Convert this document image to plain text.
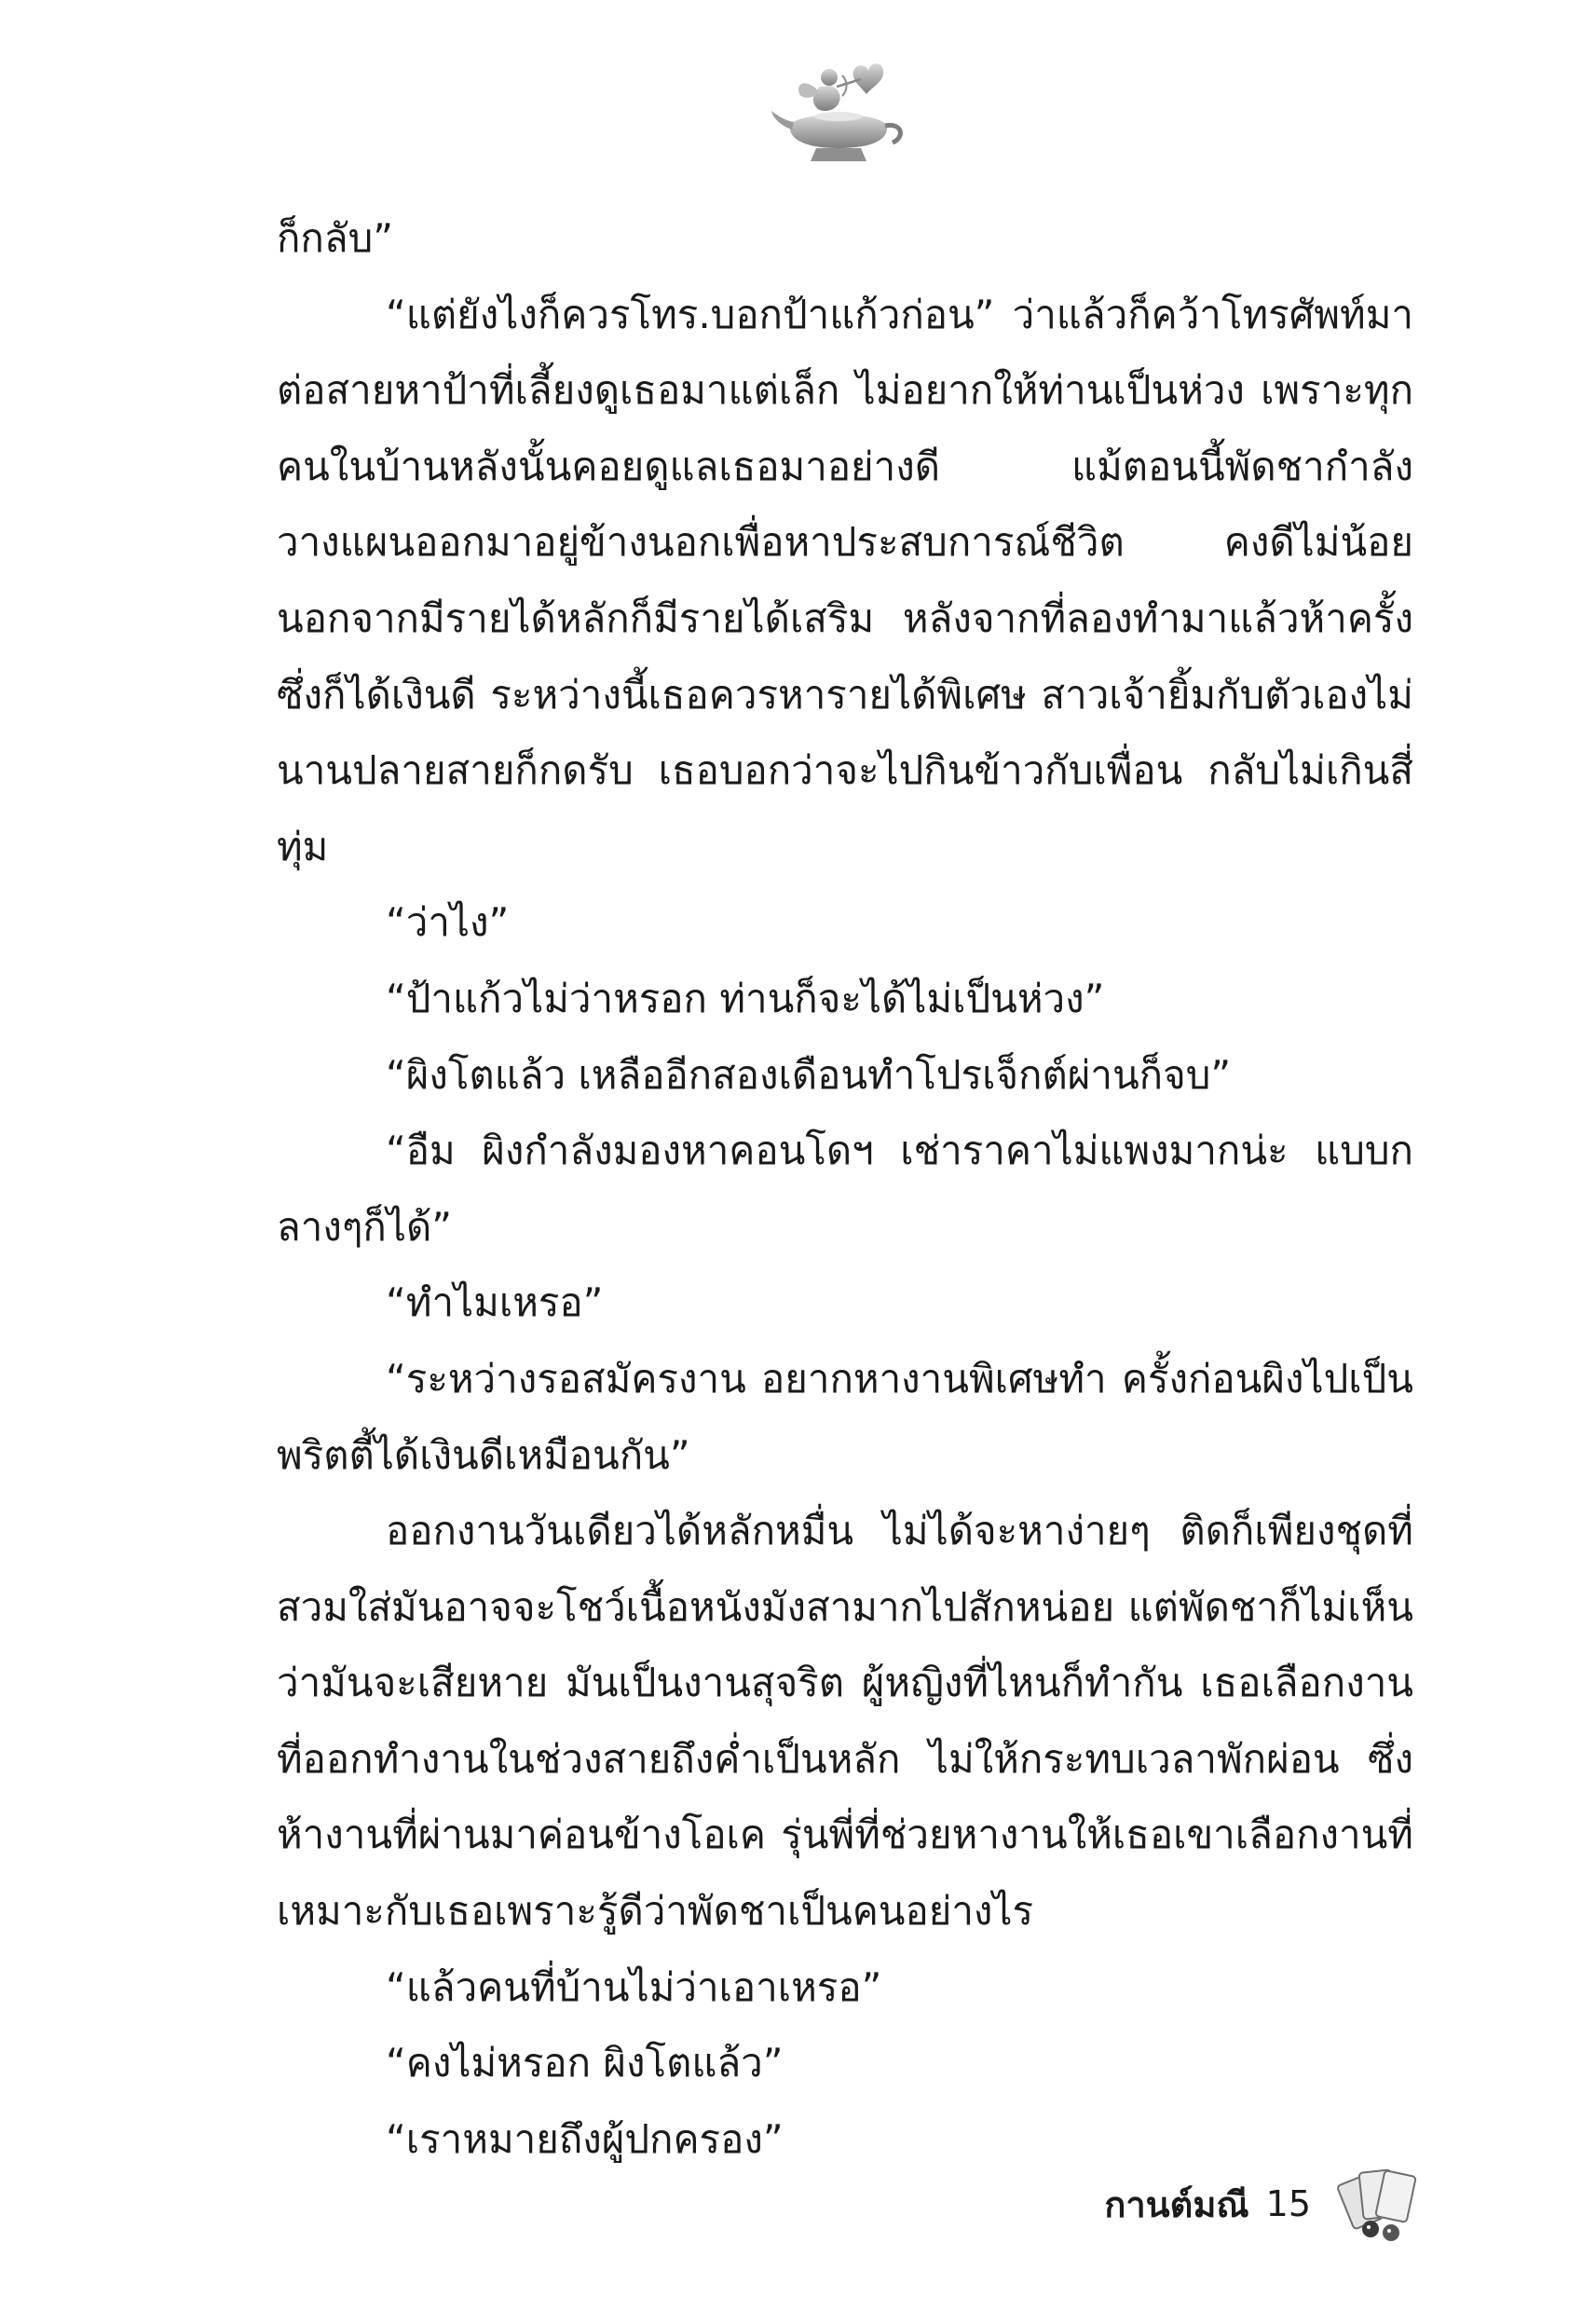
ก็กลับ”

“แต่ยังไงก็ควรโทร.บอกป้าแก้วก่อน” ว่าแล้วก็คว้าโทรศัพท์มาต่อสายหาป้าที่เลี้ยงดูเธอมาแต่เล็ก ไม่อยากให้ท่านเป็นห่วง เพราะทุกคนในบ้านหลังนั้นคอยดูแลเธอมาอย่างดี แม้ตอนนี้พัดชากำลังวางแผนออกมาอยู่ข้างนอกเพื่อหาประสบการณ์ชีวิต คงดีไม่น้อยนอกจากมีรายได้หลักก็มีรายได้เสริม หลังจากที่ลองทำมาแล้วห้าครั้งซึ่งก็ได้เงินดี ระหว่างนี้เธอควรหารายได้พิเศษ สาวเจ้ายิ้มกับตัวเองไม่นานปลายสายก็กดรับ เธอบอกว่าจะไปกินข้าวกับเพื่อน กลับไม่เกินสี่ทุ่ม

“ว่าไง”

“ป้าแก้วไม่ว่าหรอก ท่านก็จะได้ไม่เป็นห่วง”

“ผิงโตแล้ว เหลืออีกสองเดือนทำโปรเจ็กต์ผ่านก็จบ”

“อืม ผิงกำลังมองหาคอนโดฯ เช่าราคาไม่แพงมากน่ะ แบบกลางๆก็ได้”

“ทำไมเหรอ”

“ระหว่างรอสมัครงาน อยากหางานพิเศษทำ ครั้งก่อนผิงไปเป็นพริตตี้ได้เงินดีเหมือนกัน”

ออกงานวันเดียวได้หลักหมื่น ไม่ได้จะหาง่ายๆ ติดก็เพียงชุดที่สวมใส่มันอาจจะโชว์เนื้อหนังมังสามากไปสักหน่อย แต่พัดชาก็ไม่เห็นว่ามันจะเสียหาย มันเป็นงานสุจริต ผู้หญิงที่ไหนก็ทำกัน เธอเลือกงานที่ออกทำงานในช่วงสายถึงค่ำเป็นหลัก ไม่ให้กระทบเวลาพักผ่อน ซึ่งห้างานที่ผ่านมาค่อนข้างโอเค รุ่นพี่ที่ช่วยหางานให้เธอเขาเลือกงานที่เหมาะกับเธอเพราะรู้ดีว่าพัดชาเป็นคนอย่างไร

“แล้วคนที่บ้านไม่ว่าเอาเหรอ”

“คงไม่หรอก ผิงโตแล้ว”

“เราหมายถึงผู้ปกครอง”

กานต์มณี 15
